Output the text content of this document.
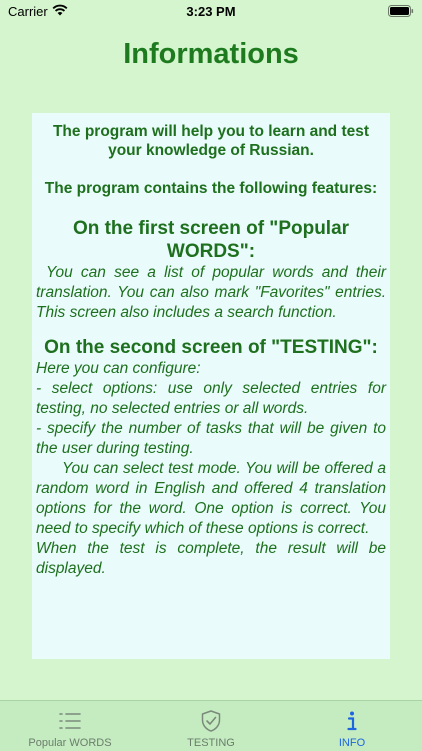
Carrier	3:23 PM
Informations

The program will help you to learn and test your knowledge of Russian.

The program contains the following features:

On the first screen of "Popular WORDS":

You can see a list of popular words and their translation. You can also mark "Favorites" entries. This screen also includes a search function.

On the second screen of "TESTING":

Here you can configure:

- select options: use only selected entries for testing, no selected entries or all words.

- specify the number of tasks that will be given to the user during testing.

You can select test mode. You will be offered a random word in English and offered 4 translation options for the word. One option is correct. You need to specify which of these options is correct.

When the test is complete, the result will be displayed.

Popular WORDS	TESTING	INFO
